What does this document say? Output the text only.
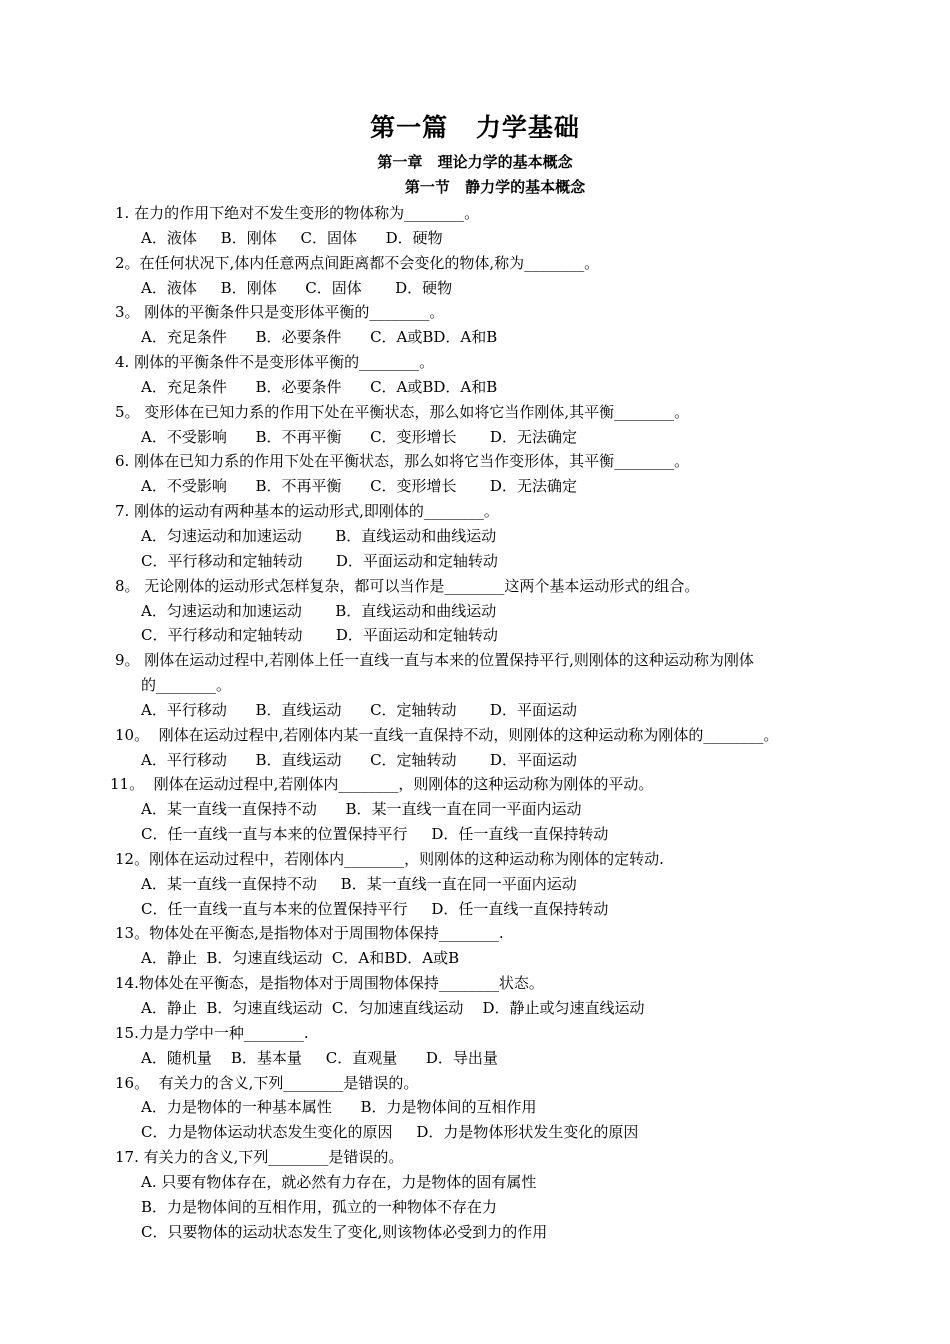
第一篇 力学基础
第一章 理论力学的基本概念
第一节 静力学的基本概念
1. 在力的作用下绝对不发生变形的物体称为________。
A．液体     B．刚体     C．固体      D．硬物
2。在任何状况下,体内任意两点间距离都不会变化的物体,称为________。
A．液体     B．刚体      C．固体       D．硬物
3。 刚体的平衡条件只是变形体平衡的________。
A．充足条件      B．必要条件      C．A或BD．A和B
4. 刚体的平衡条件不是变形体平衡的________。
A．充足条件      B．必要条件      C．A或BD．A和B
5。 变形体在已知力系的作用下处在平衡状态，那么如将它当作刚体,其平衡________。
A．不受影响      B．不再平衡      C．变形增长       D．无法确定
6. 刚体在已知力系的作用下处在平衡状态，那么如将它当作变形体，其平衡________。
A．不受影响      B．不再平衡      C．变形增长       D．无法确定
7. 刚体的运动有两种基本的运动形式,即刚体的________。
A．匀速运动和加速运动       B．直线运动和曲线运动
C．平行移动和定轴转动       D．平面运动和定轴转动
8。 无论刚体的运动形式怎样复杂，都可以当作是________这两个基本运动形式的组合。
A．匀速运动和加速运动       B．直线运动和曲线运动
C．平行移动和定轴转动       D．平面运动和定轴转动
9。 刚体在运动过程中,若刚体上任一直线一直与本来的位置保持平行,则刚体的这种运动称为刚体
的________。
A．平行移动      B．直线运动      C．定轴转动       D．平面运动
10。  刚体在运动过程中,若刚体内某一直线一直保持不动，则刚体的这种运动称为刚体的________。
A．平行移动      B．直线运动      C．定轴转动       D．平面运动
11。  刚体在运动过程中,若刚体内________，则刚体的这种运动称为刚体的平动。
A．某一直线一直保持不动      B．某一直线一直在同一平面内运动
C．任一直线一直与本来的位置保持平行     D．任一直线一直保持转动
12。刚体在运动过程中，若刚体内________，则刚体的这种运动称为刚体的定转动.
A．某一直线一直保持不动     B．某一直线一直在同一平面内运动
C．任一直线一直与本来的位置保持平行     D．任一直线一直保持转动
13。物体处在平衡态,是指物体对于周围物体保持________.
A．静止  B．匀速直线运动  C．A和BD．A或B
14.物体处在平衡态，是指物体对于周围物体保持________状态。
A．静止  B．匀速直线运动  C．匀加速直线运动    D．静止或匀速直线运动
15.力是力学中一种________.
A．随机量    B．基本量     C．直观量      D．导出量
16。  有关力的含义,下列________是错误的。
A．力是物体的一种基本属性      B．力是物体间的互相作用
C．力是物体运动状态发生变化的原因     D．力是物体形状发生变化的原因
17. 有关力的含义,下列________是错误的。
A. 只要有物体存在，就必然有力存在，力是物体的固有属性
B．力是物体间的互相作用，孤立的一种物体不存在力
C．只要物体的运动状态发生了变化,则该物体必受到力的作用
